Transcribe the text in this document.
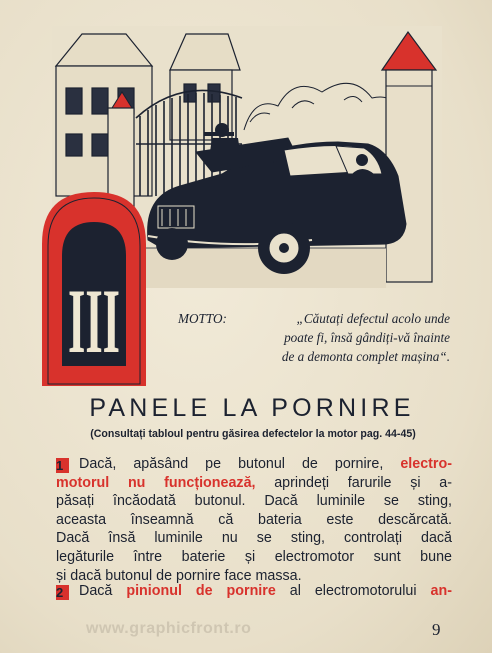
III	MOTTO:	„Căutați defectul acolo unde
poate fi, însă gândiți-vă înainte
de a demonta complet mașina“.
PANELE LA PORNIRE
(Consultați tabloul pentru găsirea defectelor la motor pag. 44-45)
1 Dacă, apăsând pe butonul de pornire, electro-
motorul nu funcționează, aprindeți farurile și a-
păsați încăodată butonul. Dacă luminile se sting,
aceasta înseamnă că bateria este descărcată.
Dacă însă luminile nu se sting, controlați dacă
legăturile între baterie și electromotor sunt bune
și dacă butonul de pornire face massa.
2 Dacă pinionul de pornire al electromotorului an-
www.graphicfront.ro	9
